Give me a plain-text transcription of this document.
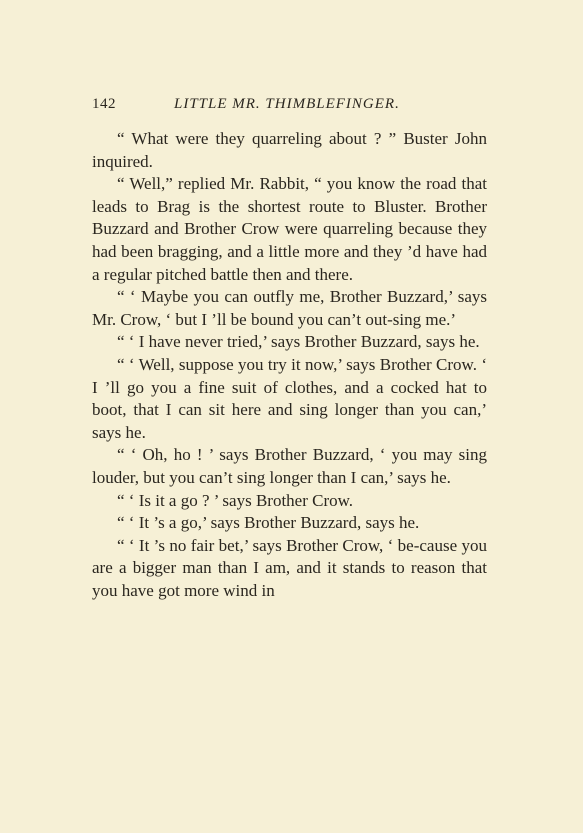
142	LITTLE MR. THIMBLEFINGER.

“ What were they quarreling about ? ” Buster John inquired.

“ Well,” replied Mr. Rabbit, “ you know the road that leads to Brag is the shortest route to Bluster. Brother Buzzard and Brother Crow were quarreling because they had been bragging, and a little more and they ’d have had a regular pitched battle then and there.

“ ‘ Maybe you can outfly me, Brother Buzzard,’ says Mr. Crow, ‘ but I ’ll be bound you can’t out-sing me.’

“ ‘ I have never tried,’ says Brother Buzzard, says he.

“ ‘ Well, suppose you try it now,’ says Brother Crow. ‘ I ’ll go you a fine suit of clothes, and a cocked hat to boot, that I can sit here and sing longer than you can,’ says he.

“ ‘ Oh, ho ! ’ says Brother Buzzard, ‘ you may sing louder, but you can’t sing longer than I can,’ says he.

“ ‘ Is it a go ? ’ says Brother Crow.

“ ‘ It ’s a go,’ says Brother Buzzard, says he.

“ ‘ It ’s no fair bet,’ says Brother Crow, ‘ be-cause you are a bigger man than I am, and it stands to reason that you have got more wind in
